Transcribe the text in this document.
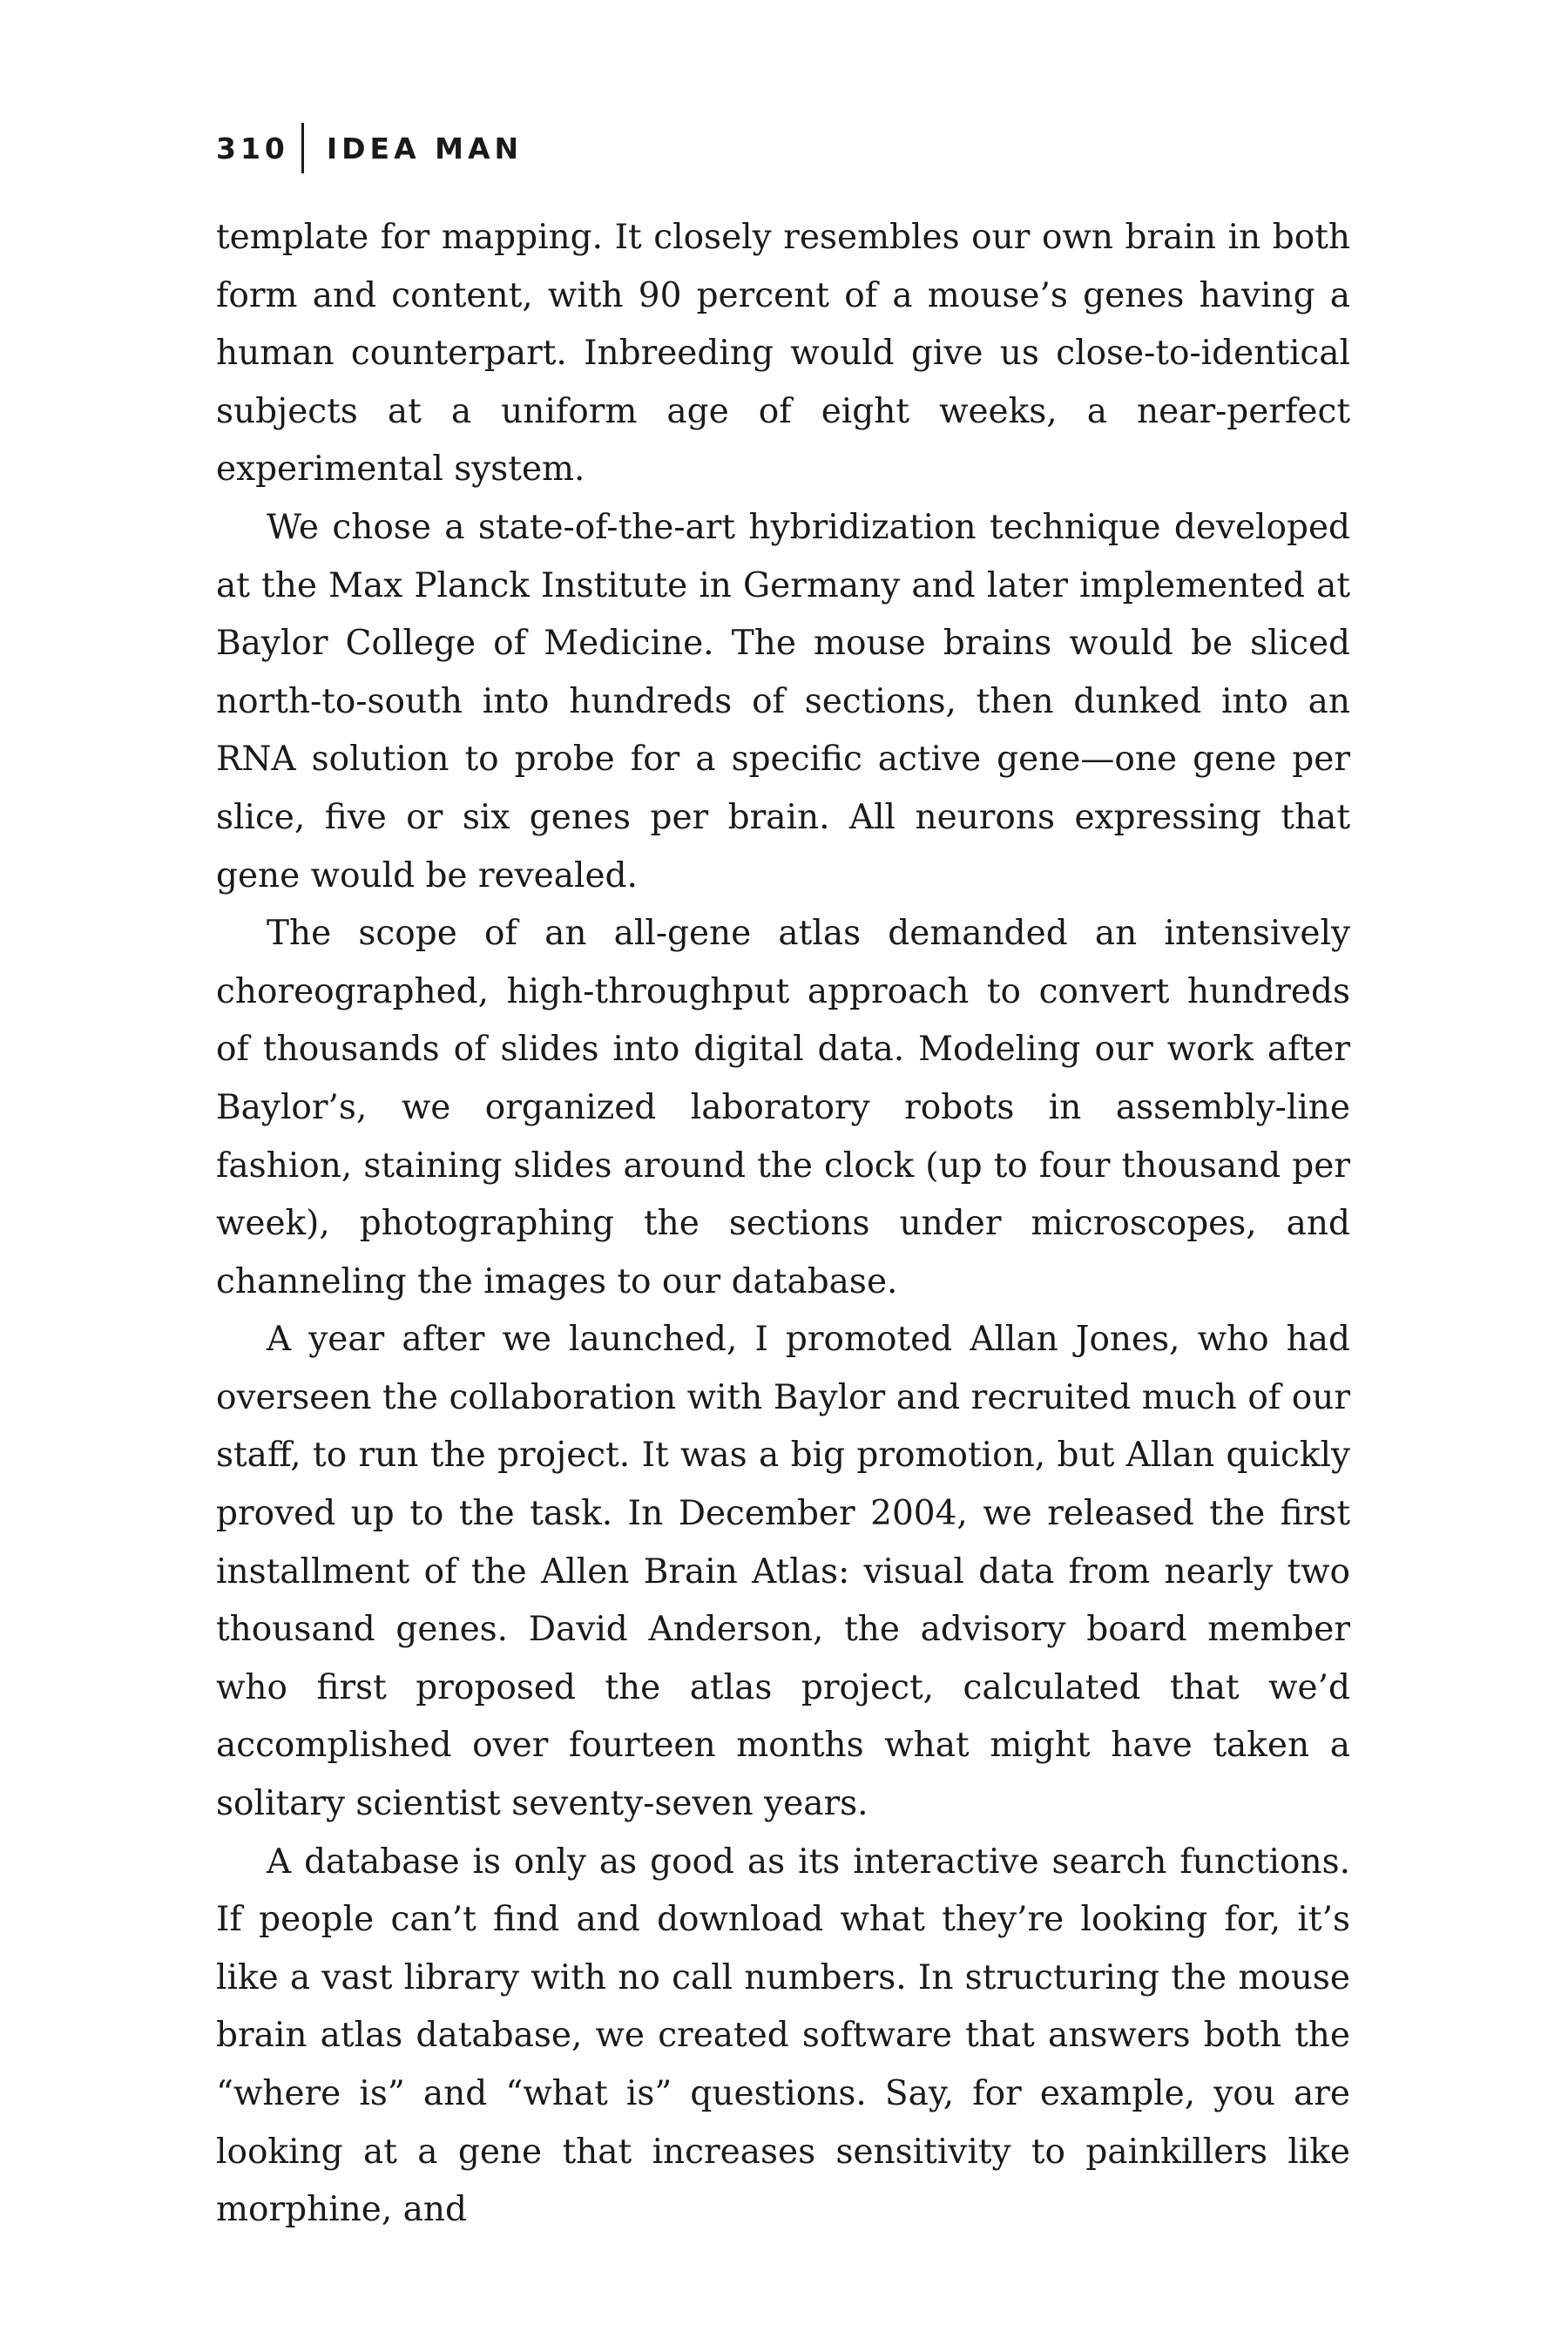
310 IDEA MAN

template for mapping. It closely resembles our own brain in both form and content, with 90 percent of a mouse’s genes having a human counterpart. Inbreeding would give us close-to-identical subjects at a uniform age of eight weeks, a near-perfect experimental system.

We chose a state-of-the-art hybridization technique developed at the Max Planck Institute in Germany and later implemented at Baylor College of Medicine. The mouse brains would be sliced north-to-south into hundreds of sections, then dunked into an RNA solution to probe for a specific active gene—one gene per slice, five or six genes per brain. All neurons expressing that gene would be revealed.

The scope of an all-gene atlas demanded an intensively choreographed, high-throughput approach to convert hundreds of thousands of slides into digital data. Modeling our work after Baylor’s, we organized laboratory robots in assembly-line fashion, staining slides around the clock (up to four thousand per week), photographing the sections under microscopes, and channeling the images to our database.

A year after we launched, I promoted Allan Jones, who had overseen the collaboration with Baylor and recruited much of our staff, to run the project. It was a big promotion, but Allan quickly proved up to the task. In December 2004, we released the first installment of the Allen Brain Atlas: visual data from nearly two thousand genes. David Anderson, the advisory board member who first proposed the atlas project, calculated that we’d accomplished over fourteen months what might have taken a solitary scientist seventy-seven years.

A database is only as good as its interactive search functions. If people can’t find and download what they’re looking for, it’s like a vast library with no call numbers. In structuring the mouse brain atlas database, we created software that answers both the “where is” and “what is” questions. Say, for example, you are looking at a gene that increases sensitivity to painkillers like morphine, and
